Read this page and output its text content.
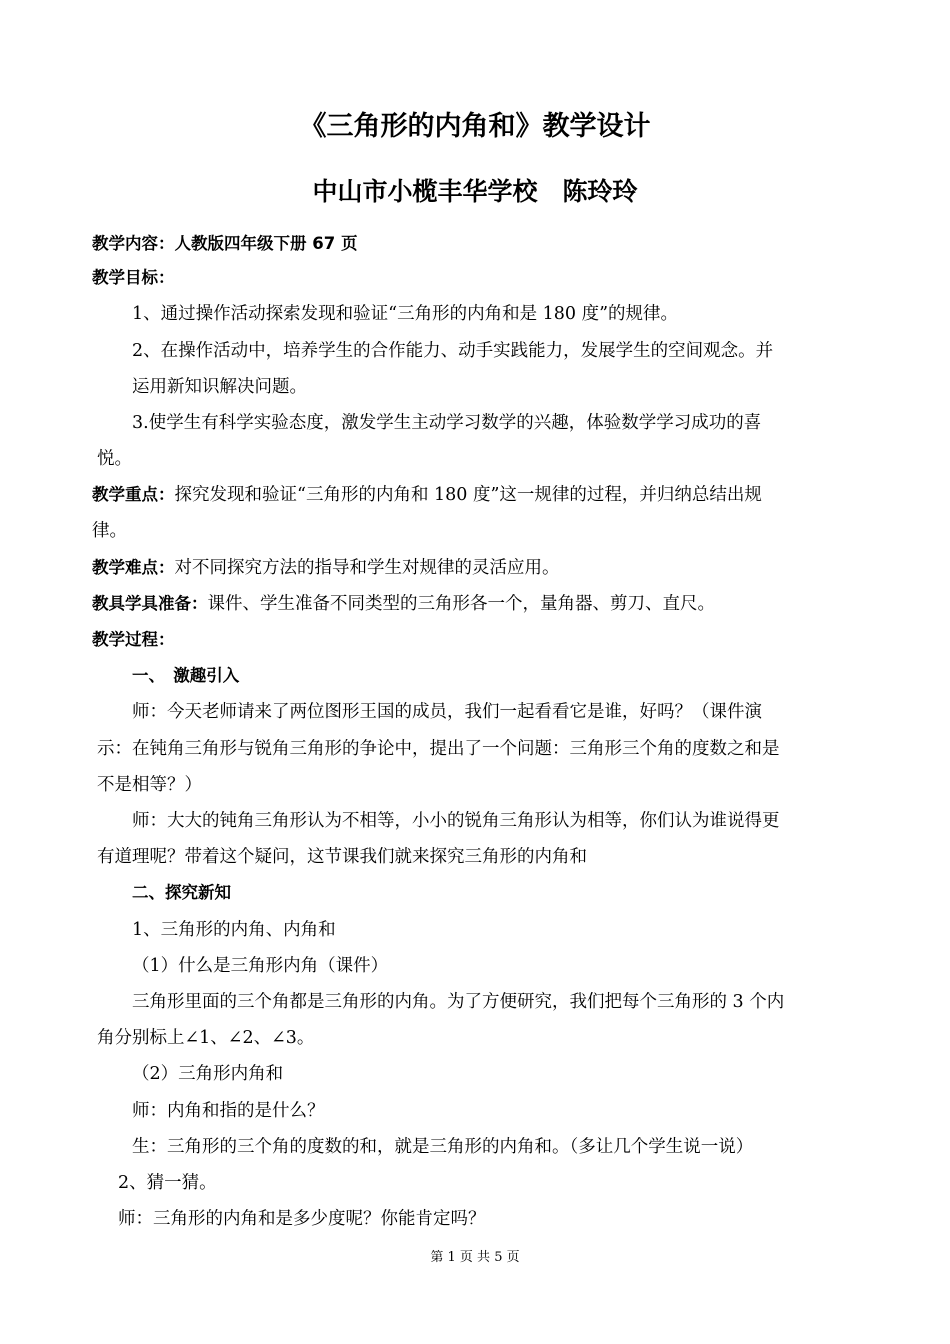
《三角形的内角和》教学设计
中山市小榄丰华学校　陈玲玲
教学内容：人教版四年级下册 67 页
教学目标：
1、通过操作活动探索发现和验证“三角形的内角和是 180 度”的规律。
2、在操作活动中，培养学生的合作能力、动手实践能力，发展学生的空间观念。并
运用新知识解决问题。
3.使学生有科学实验态度，激发学生主动学习数学的兴趣，体验数学学习成功的喜
悦。
教学重点：探究发现和验证“三角形的内角和 180 度”这一规律的过程，并归纳总结出规
律。
教学难点：对不同探究方法的指导和学生对规律的灵活应用。
教具学具准备：课件、学生准备不同类型的三角形各一个，量角器、剪刀、直尺。
教学过程：
一、　激趣引入
师：今天老师请来了两位图形王国的成员，我们一起看看它是谁，好吗？（课件演
示：在钝角三角形与锐角三角形的争论中，提出了一个问题：三角形三个角的度数之和是
不是相等？）
师：大大的钝角三角形认为不相等，小小的锐角三角形认为相等，你们认为谁说得更
有道理呢？带着这个疑问，这节课我们就来探究三角形的内角和
二、探究新知
1、三角形的内角、内角和
（1）什么是三角形内角（课件）
三角形里面的三个角都是三角形的内角。为了方便研究，我们把每个三角形的 3 个内
角分别标上∠1、∠2、∠3。
（2）三角形内角和
师：内角和指的是什么？
生：三角形的三个角的度数的和，就是三角形的内角和。（多让几个学生说一说）
2、猜一猜。
师：三角形的内角和是多少度呢？你能肯定吗？
第 1 页 共 5 页
